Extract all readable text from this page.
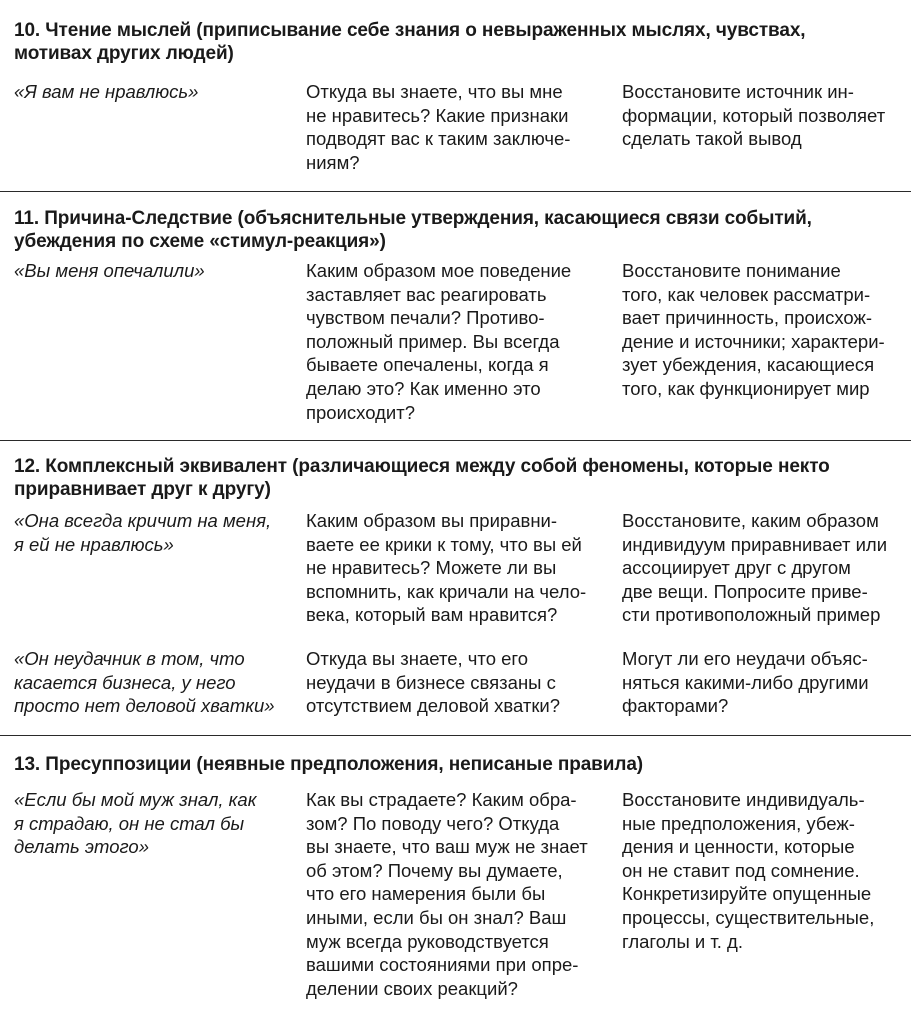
10. Чтение мыслей (приписывание себе знания о невыраженных мыслях, чувствах,
мотивах других людей)
«Я вам не нравлюсь»	Откуда вы знаете, что вы мне
не нравитесь? Какие признаки
подводят вас к таким заключе-
ниям?
Восстановите источник ин-
формации, который позволяет
сделать такой вывод
11. Причина-Следствие (объяснительные утверждения, касающиеся связи событий,
убеждения по схеме «стимул-реакция»)
«Вы меня опечалили»	Каким образом мое поведение
заставляет вас реагировать
чувством печали? Противо-
положный пример. Вы всегда
бываете опечалены, когда я
делаю это? Как именно это
происходит?
Восстановите понимание
того, как человек рассматри-
вает причинность, происхож-
дение и источники; характери-
зует убеждения, касающиеся
того, как функционирует мир
12. Комплексный эквивалент (различающиеся между собой феномены, которые некто
приравнивает друг к другу)
«Она всегда кричит на меня,
я ей не нравлюсь»
Каким образом вы приравни-
ваете ее крики к тому, что вы ей
не нравитесь? Можете ли вы
вспомнить, как кричали на чело-
века, который вам нравится?
Восстановите, каким образом
индивидуум приравнивает или
ассоциирует друг с другом
две вещи. Попросите приве-
сти противоположный пример
«Он неудачник в том, что
касается бизнеса, у него
просто нет деловой хватки»
Откуда вы знаете, что его
неудачи в бизнесе связаны с
отсутствием деловой хватки?
Могут ли его неудачи объяс-
няться какими-либо другими
факторами?
13. Пресуппозиции (неявные предположения, неписаные правила)
«Если бы мой муж знал, как
я страдаю, он не стал бы
делать этого»
Как вы страдаете? Каким обра-
зом? По поводу чего? Откуда
вы знаете, что ваш муж не знает
об этом? Почему вы думаете,
что его намерения были бы
иными, если бы он знал? Ваш
муж всегда руководствуется
вашими состояниями при опре-
делении своих реакций?
Восстановите индивидуаль-
ные предположения, убеж-
дения и ценности, которые
он не ставит под сомнение.
Конкретизируйте опущенные
процессы, существительные,
глаголы и т. д.
